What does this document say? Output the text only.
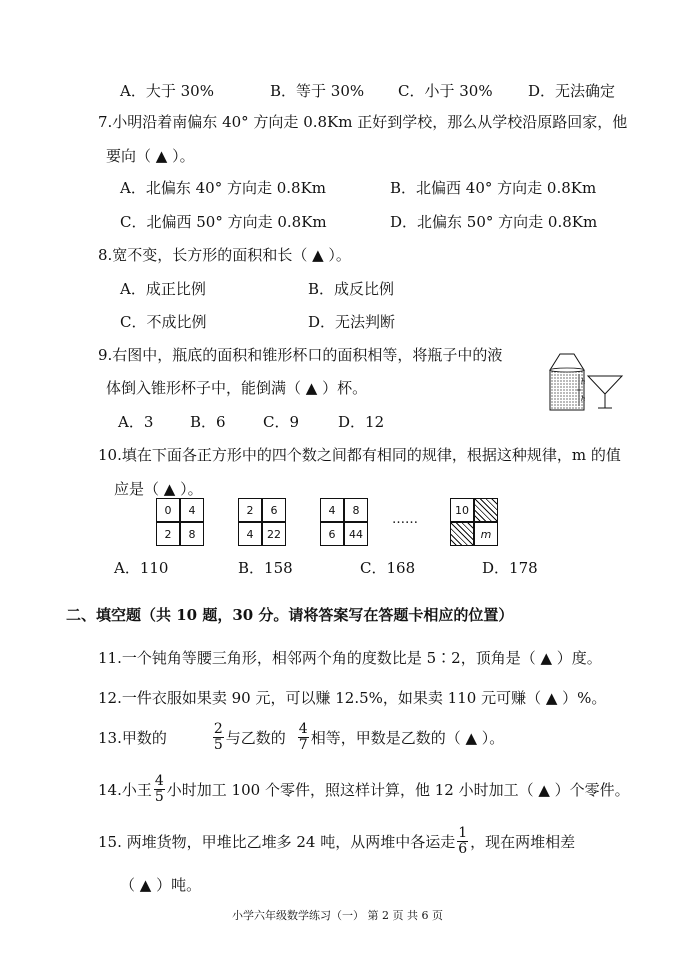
A．大于 30%	B．等于 30% C．小于 30% D．无法确定
7.小明沿着南偏东 40° 方向走 0.8Km 正好到学校，那么从学校沿原路回家，他
要向（ ▲ ）。
A．北偏东 40° 方向走 0.8Km	B．北偏西 40° 方向走 0.8Km
C．北偏西 50° 方向走 0.8Km	D．北偏东 50° 方向走 0.8Km
8.宽不变，长方形的面积和长（ ▲ ）。
A．成正比例	B．成反比例
C．不成比例	D．无法判断
9.右图中，瓶底的面积和锥形杯口的面积相等，将瓶子中的液
体倒入锥形杯子中，能倒满（ ▲ ）杯。
A．3 B．6 C．9	D．12
h
h
10.填在下面各正方形中的四个数之间都有相同的规律，根据这种规律，m 的值
应是（ ▲ ）。
0	4
2	8
2	6
4	22
4	8
6	44
……
10
m
A．110	B．158	C．168	D．178
二、填空题（共 10 题，30 分。请将答案写在答题卡相应的位置）
11.一个钝角等腰三角形，相邻两个角的度数比是 5∶2，顶角是（ ▲ ）度。
12.一件衣服如果卖 90 元，可以赚 12.5%，如果卖 110 元可赚（ ▲ ）%。
13.甲数的	$\frac{2}{5}$ 与乙数的 $\frac{4}{7}$ 相等，甲数是乙数的（ ▲ ）。
14.小王 $\frac{4}{5}$ 小时加工 100 个零件，照这样计算，他 12 小时加工（ ▲ ）个零件。
15. 两堆货物，甲堆比乙堆多 24 吨，从两堆中各运走 $\frac{1}{6}$ ，现在两堆相差
（ ▲ ）吨。
小学六年级数学练习（一） 第 2 页 共 6 页
